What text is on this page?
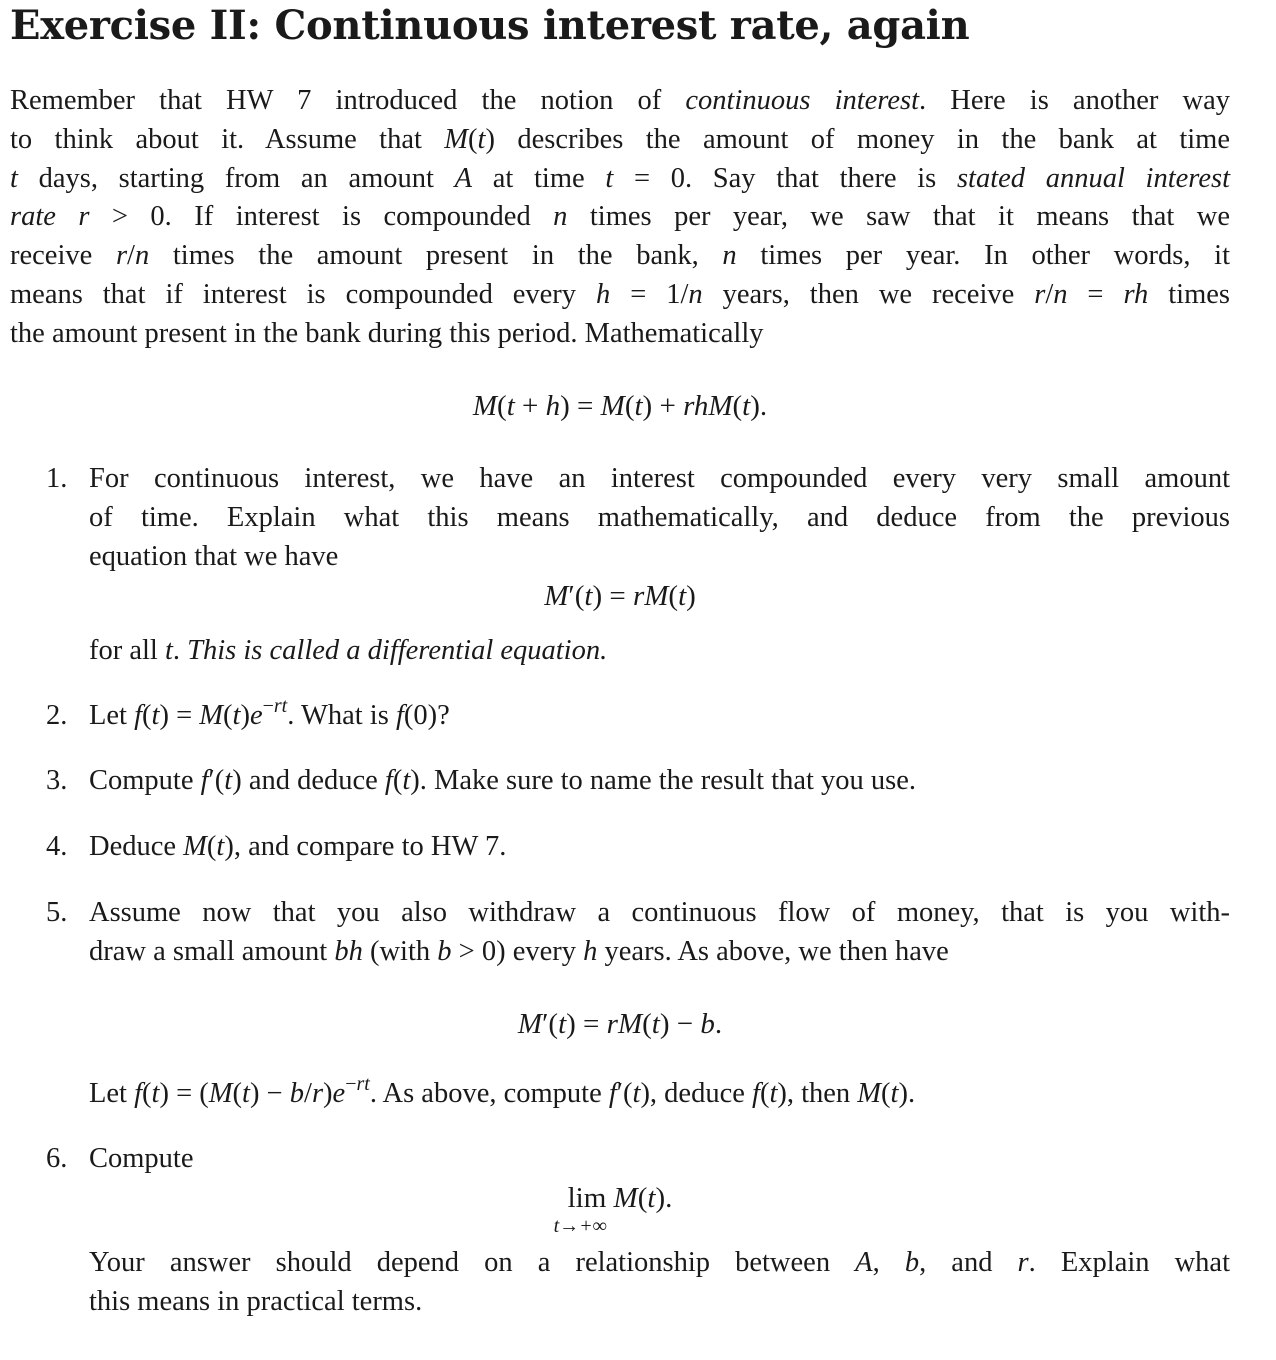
Exercise II: Continuous interest rate, again
Remember that HW 7 introduced the notion of continuous interest. Here is another way
to think about it. Assume that M(t) describes the amount of money in the bank at time
t days, starting from an amount A at time t = 0. Say that there is stated annual interest
rate r > 0. If interest is compounded n times per year, we saw that it means that we
receive r/n times the amount present in the bank, n times per year. In other words, it
means that if interest is compounded every h = 1/n years, then we receive r/n = rh times
the amount present in the bank during this period. Mathematically
M(t + h) = M(t) + rhM(t).
1. For continuous interest, we have an interest compounded every very small amount
of time. Explain what this means mathematically, and deduce from the previous
equation that we have
M′(t) = rM(t)
for all t. This is called a differential equation.
2. Let $f(t) = M(t)e^{-rt}$. What is f(0)?
3. Compute f′(t) and deduce f(t). Make sure to name the result that you use.
4. Deduce M(t), and compare to HW 7.
5. Assume now that you also withdraw a continuous flow of money, that is you with-
draw a small amount bh (with b > 0) every h years. As above, we then have
M′(t) = rM(t) − b.
Let $f(t) = (M(t) - b/r)e^{-rt}$. As above, compute f′(t), deduce f(t), then M(t).
6. Compute
lim
t→+∞
M(t).
Your answer should depend on a relationship between A, b, and r. Explain what
this means in practical terms.
